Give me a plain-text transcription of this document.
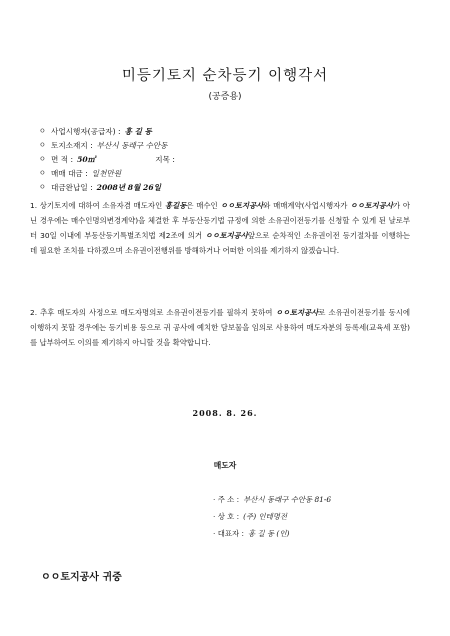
미등기토지 순차등기 이행각서
(공증용)
ㅇ 사업시행자(공급자) : 홍 길 동
ㅇ 토지소재지 : 부산시 동래구 수안동
ㅇ 면 적 : 50㎡	지목 :
ㅇ 매매 대금 : 일천만원
ㅇ 대금완납일 : 2008년 8월 26일
1. 상기토지에 대하여 소유자겸 매도자인 홍길동은 매수인 ㅇㅇ토지공사와 매매계약(사업시행자가 ㅇㅇ토지공사가 아닌 경우에는 매수인명의변경계약)을 체결한 후 부동산등기법 규정에 의한 소유권이전등기를 신청할 수 있게 된 날로부터 30일 이내에 부동산등기특별조치법 제2조에 의거 ㅇㅇ토지공사앞으로 순차적인 소유권이전 등기절차를 이행하는데 필요한 조치를 다하겠으며 소유권이전행위를 방해하거나 어떠한 이의를 제기하지 않겠습니다.
2. 추후 매도자의 사정으로 매도자명의로 소유권이전등기를 필하지 못하여 ㅇㅇ토지공사로 소유권이전등기를 동시에 이행하지 못할 경우에는 등기비용 등으로 귀 공사에 예치한 담보물을 임의로 사용하여 매도자분의 등록세(교육세 포함)를 납부하여도 이의를 제기하지 아니할 것을 확약합니다.
2008. 8. 26.
매도자
· 주 소 : 부산시 동래구 수안동 81-6
· 상 호 : (주) 인테명전
· 대표자 : 홍 길 동 (인)
ㅇㅇ토지공사 귀중
